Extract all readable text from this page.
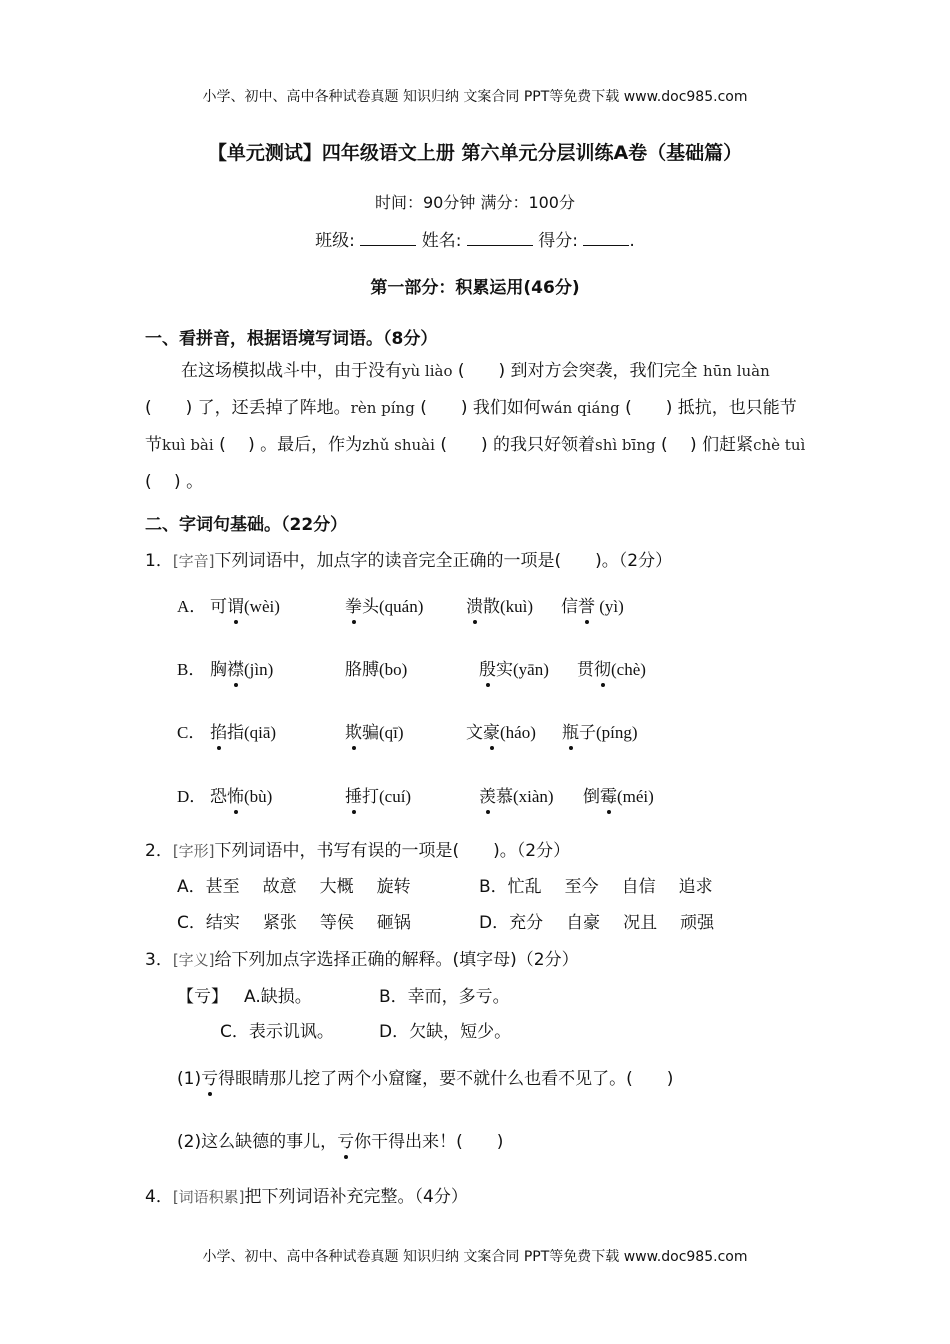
小学、初中、高中各种试卷真题 知识归纳 文案合同 PPT等免费下载 www.doc985.com
【单元测试】四年级语文上册 第六单元分层训练A卷（基础篇）
时间：90分钟 满分：100分
班级:	姓名:	得分:	.
第一部分：积累运用(46分)
一、看拼音，根据语境写词语。（8分）

在这场模拟战斗中，由于没有yù liào (　　) 到对方会突袭，我们完全 hūn luàn (　　) 了，还丢掉了阵地。rèn píng (　　) 我们如何wán qiáng (　　) 抵抗，也只能节节kuì bài (　 ) 。最后，作为zhǔ shuài (　　) 的我只好领着shì bīng (　 ) 们赶紧chè tuì (　 ) 。

二、字词句基础。（22分）
1．[字音]下列词语中，加点字的读音完全正确的一项是(　　)。（2分）
A． 可谓(wèi)	拳头(quán)	溃散(kuì) 信誉 (yì)
B． 胸襟(jìn)	胳膊(bo)	殷实(yān) 贯彻(chè)
C． 掐指(qiā)	欺骗(qī)	文豪(háo) 瓶子(píng)
D． 恐怖(bù)	捶打(cuí)	羡慕(xiàn) 倒霉(méi)
2．[字形]下列词语中，书写有误的一项是(　　)。（2分）
A．甚至 故意 大概 旋转	B．忙乱 至今 自信 追求
C．结实 紧张 等侯 砸锅	D．充分 自豪 况且 顽强
3．[字义]给下列加点字选择正确的解释。(填字母)（2分）
【亏】 A.缺损。	B．幸而，多亏。
C．表示讥讽。	D．欠缺，短少。
(1)亏得眼睛那儿挖了两个小窟窿，要不就什么也看不见了。(　　)
(2)这么缺德的事儿，亏你干得出来！(　　)
4．[词语积累]把下列词语补充完整。（4分）
小学、初中、高中各种试卷真题 知识归纳 文案合同 PPT等免费下载 www.doc985.com
